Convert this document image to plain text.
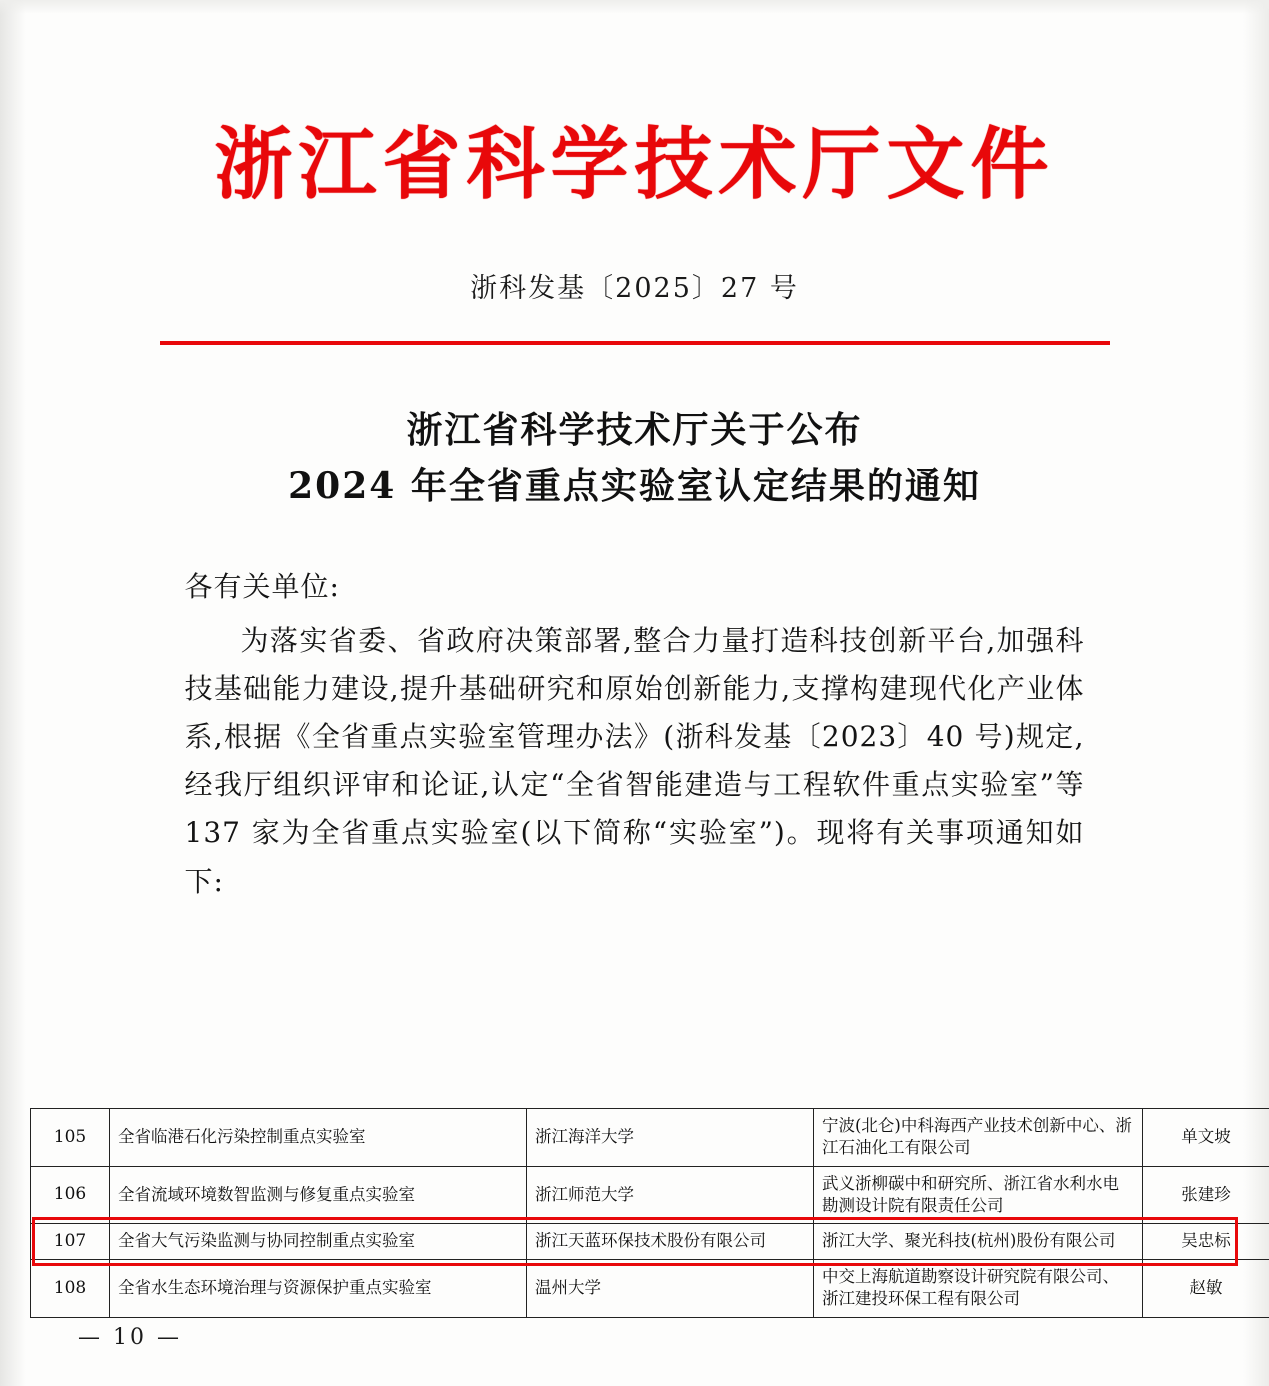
浙江省科学技术厅文件
浙科发基〔2025〕27 号
浙江省科学技术厅关于公布
2024 年全省重点实验室认定结果的通知
各有关单位:
为落实省委、省政府决策部署,整合力量打造科技创新平台,加强科技基础能力建设,提升基础研究和原始创新能力,支撑构建现代化产业体系,根据《全省重点实验室管理办法》(浙科发基〔2023〕40 号)规定,经我厅组织评审和论证,认定“全省智能建造与工程软件重点实验室”等 137 家为全省重点实验室(以下简称“实验室”)。现将有关事项通知如下:
105	全省临港石化污染控制重点实验室	浙江海洋大学	宁波(北仑)中科海西产业技术创新中心、浙江石油化工有限公司	单文坡
106	全省流域环境数智监测与修复重点实验室	浙江师范大学	武义浙柳碳中和研究所、浙江省水利水电勘测设计院有限责任公司	张建珍
107	全省大气污染监测与协同控制重点实验室	浙江天蓝环保技术股份有限公司	浙江大学、聚光科技(杭州)股份有限公司	吴忠标
108	全省水生态环境治理与资源保护重点实验室	温州大学	中交上海航道勘察设计研究院有限公司、浙江建投环保工程有限公司	赵敏
— 10 —
